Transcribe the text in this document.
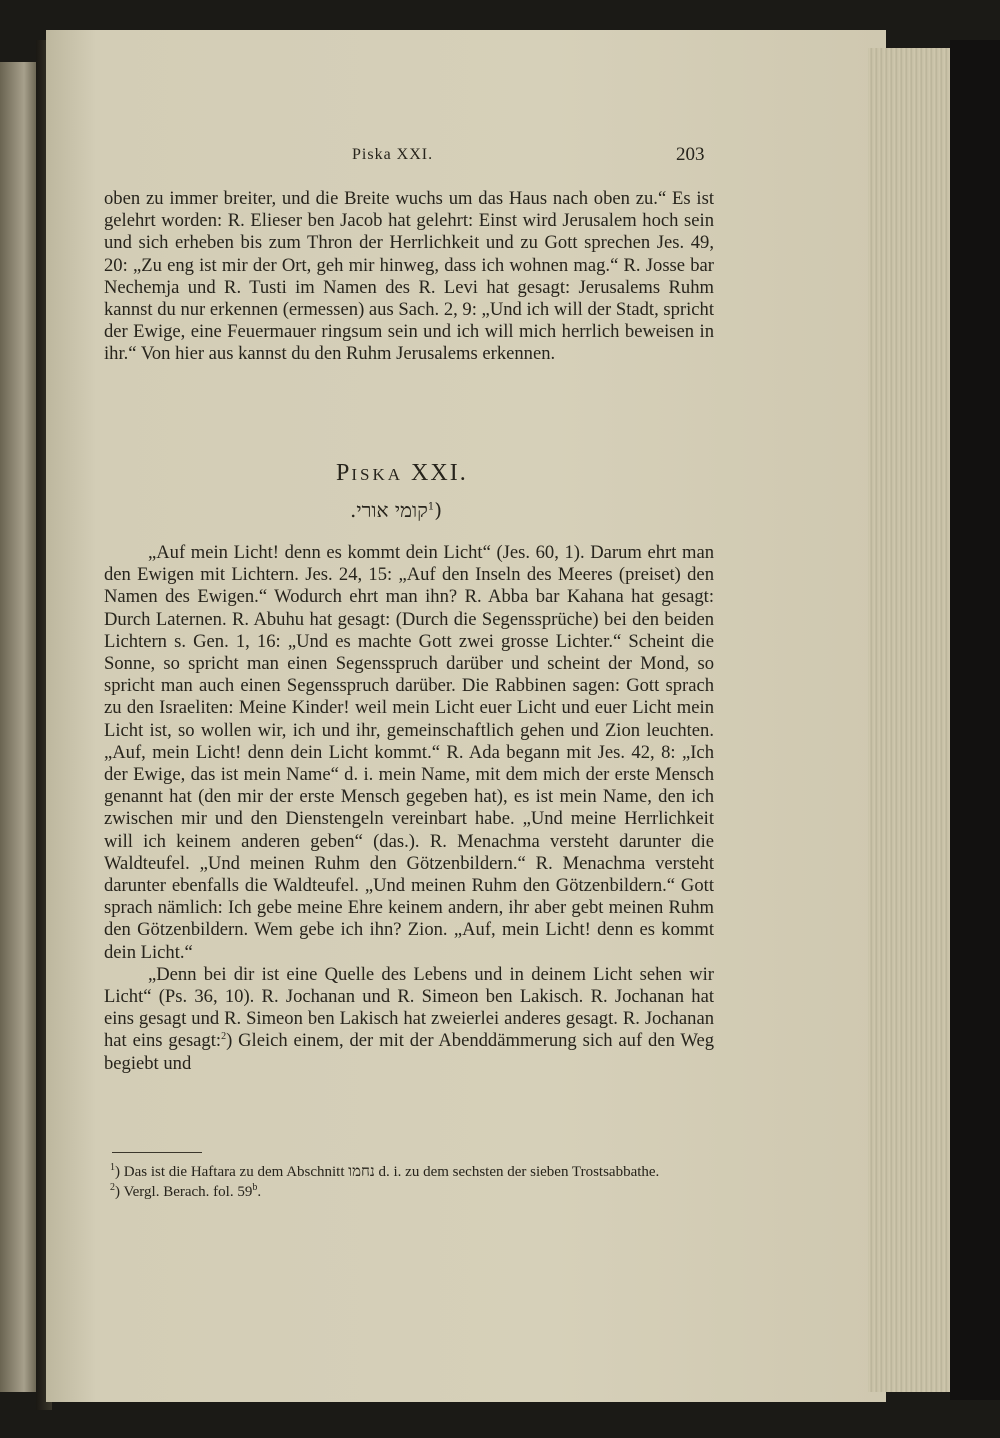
Piska XXI.	203

oben zu immer breiter, und die Breite wuchs um das Haus nach oben zu.“ Es ist gelehrt worden: R. Elieser ben Jacob hat gelehrt: Einst wird Jerusalem hoch sein und sich erheben bis zum Thron der Herrlichkeit und zu Gott sprechen Jes. 49, 20: „Zu eng ist mir der Ort, geh mir hinweg, dass ich wohnen mag.“ R. Josse bar Nechemja und R. Tusti im Namen des R. Levi hat gesagt: Jerusalems Ruhm kannst du nur erkennen (ermessen) aus Sach. 2, 9: „Und ich will der Stadt, spricht der Ewige, eine Feuermauer ringsum sein und ich will mich herrlich beweisen in ihr.“ Von hier aus kannst du den Ruhm Jerusalems erkennen.

PISKA XXI.
קומי אורי.$^1$)

„Auf mein Licht! denn es kommt dein Licht“ (Jes. 60, 1). Darum ehrt man den Ewigen mit Lichtern. Jes. 24, 15: „Auf den Inseln des Meeres (preiset) den Namen des Ewigen.“ Wodurch ehrt man ihn? R. Abba bar Kahana hat gesagt: Durch Laternen. R. Abuhu hat gesagt: (Durch die Segenssprüche) bei den beiden Lichtern s. Gen. 1, 16: „Und es machte Gott zwei grosse Lichter.“ Scheint die Sonne, so spricht man einen Segensspruch darüber und scheint der Mond, so spricht man auch einen Segensspruch darüber. Die Rabbinen sagen: Gott sprach zu den Israeliten: Meine Kinder! weil mein Licht euer Licht und euer Licht mein Licht ist, so wollen wir, ich und ihr, gemeinschaftlich gehen und Zion leuchten. „Auf, mein Licht! denn dein Licht kommt.“ R. Ada begann mit Jes. 42, 8: „Ich der Ewige, das ist mein Name“ d. i. mein Name, mit dem mich der erste Mensch genannt hat (den mir der erste Mensch gegeben hat), es ist mein Name, den ich zwischen mir und den Dienstengeln vereinbart habe. „Und meine Herrlichkeit will ich keinem anderen geben“ (das.). R. Menachma versteht darunter die Waldteufel. „Und meinen Ruhm den Götzenbildern.“ R. Menachma versteht darunter ebenfalls die Waldteufel. „Und meinen Ruhm den Götzenbildern.“ Gott sprach nämlich: Ich gebe meine Ehre keinem andern, ihr aber gebt meinen Ruhm den Götzenbildern. Wem gebe ich ihn? Zion. „Auf, mein Licht! denn es kommt dein Licht.“

„Denn bei dir ist eine Quelle des Lebens und in deinem Licht sehen wir Licht“ (Ps. 36, 10). R. Jochanan und R. Simeon ben Lakisch. R. Jochanan hat eins gesagt und R. Simeon ben Lakisch hat zweierlei anderes gesagt. R. Jochanan hat eins gesagt:$^2$) Gleich einem, der mit der Abenddämmerung sich auf den Weg begiebt und

$^1$) Das ist die Haftara zu dem Abschnitt נחמו d. i. zu dem sechsten der sieben Trostsabbathe.

$^2$) Vergl. Berach. fol. 59$^b$.
